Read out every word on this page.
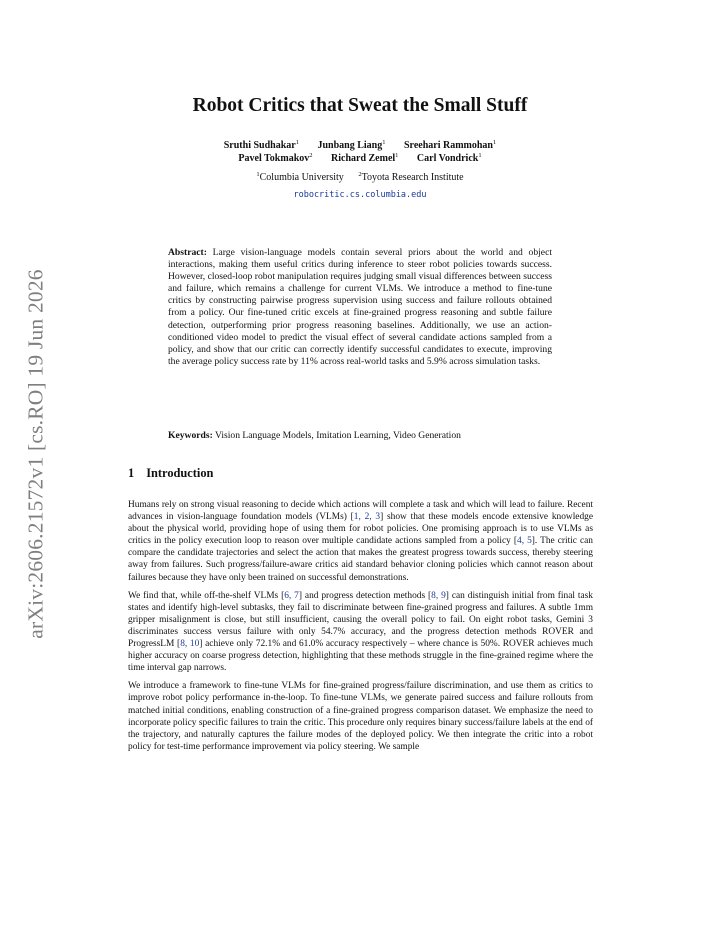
arXiv:2606.21572v1 [cs.RO] 19 Jun 2026
Robot Critics that Sweat the Small Stuff
Sruthi Sudhakar$^1$ Junbang Liang$^1$ Sreehari Rammohan$^1$
Pavel Tokmakov$^2$ Richard Zemel$^1$ Carl Vondrick$^1$
$^1$Columbia University $^2$Toyota Research Institute
robocritic.cs.columbia.edu
Abstract: Large vision-language models contain several priors about the world and object interactions, making them useful critics during inference to steer robot policies towards success. However, closed-loop robot manipulation requires judging small visual differences between success and failure, which remains a challenge for current VLMs. We introduce a method to fine-tune critics by constructing pairwise progress supervision using success and failure rollouts obtained from a policy. Our fine-tuned critic excels at fine-grained progress reasoning and subtle failure detection, outperforming prior progress reasoning baselines. Additionally, we use an action-conditioned video model to predict the visual effect of several candidate actions sampled from a policy, and show that our critic can correctly identify successful candidates to execute, improving the average policy success rate by 11% across real-world tasks and 5.9% across simulation tasks.
Keywords: Vision Language Models, Imitation Learning, Video Generation
1 Introduction

Humans rely on strong visual reasoning to decide which actions will complete a task and which will lead to failure. Recent advances in vision-language foundation models (VLMs) [1, 2, 3] show that these models encode extensive knowledge about the physical world, providing hope of using them for robot policies. One promising approach is to use VLMs as critics in the policy execution loop to reason over multiple candidate actions sampled from a policy [4, 5]. The critic can compare the candidate trajectories and select the action that makes the greatest progress towards success, thereby steering away from failures. Such progress/failure-aware critics aid standard behavior cloning policies which cannot reason about failures because they have only been trained on successful demonstrations.

We find that, while off-the-shelf VLMs [6, 7] and progress detection methods [8, 9] can distinguish initial from final task states and identify high-level subtasks, they fail to discriminate between fine-grained progress and failures. A subtle 1mm gripper misalignment is close, but still insufficient, causing the overall policy to fail. On eight robot tasks, Gemini 3 discriminates success versus failure with only 54.7% accuracy, and the progress detection methods ROVER and ProgressLM [8, 10] achieve only 72.1% and 61.0% accuracy respectively – where chance is 50%. ROVER achieves much higher accuracy on coarse progress detection, highlighting that these methods struggle in the fine-grained regime where the time interval gap narrows.

We introduce a framework to fine-tune VLMs for fine-grained progress/failure discrimination, and use them as critics to improve robot policy performance in-the-loop. To fine-tune VLMs, we generate paired success and failure rollouts from matched initial conditions, enabling construction of a fine-grained progress comparison dataset. We emphasize the need to incorporate policy specific failures to train the critic. This procedure only requires binary success/failure labels at the end of the trajectory, and naturally captures the failure modes of the deployed policy. We then integrate the critic into a robot policy for test-time performance improvement via policy steering. We sample
